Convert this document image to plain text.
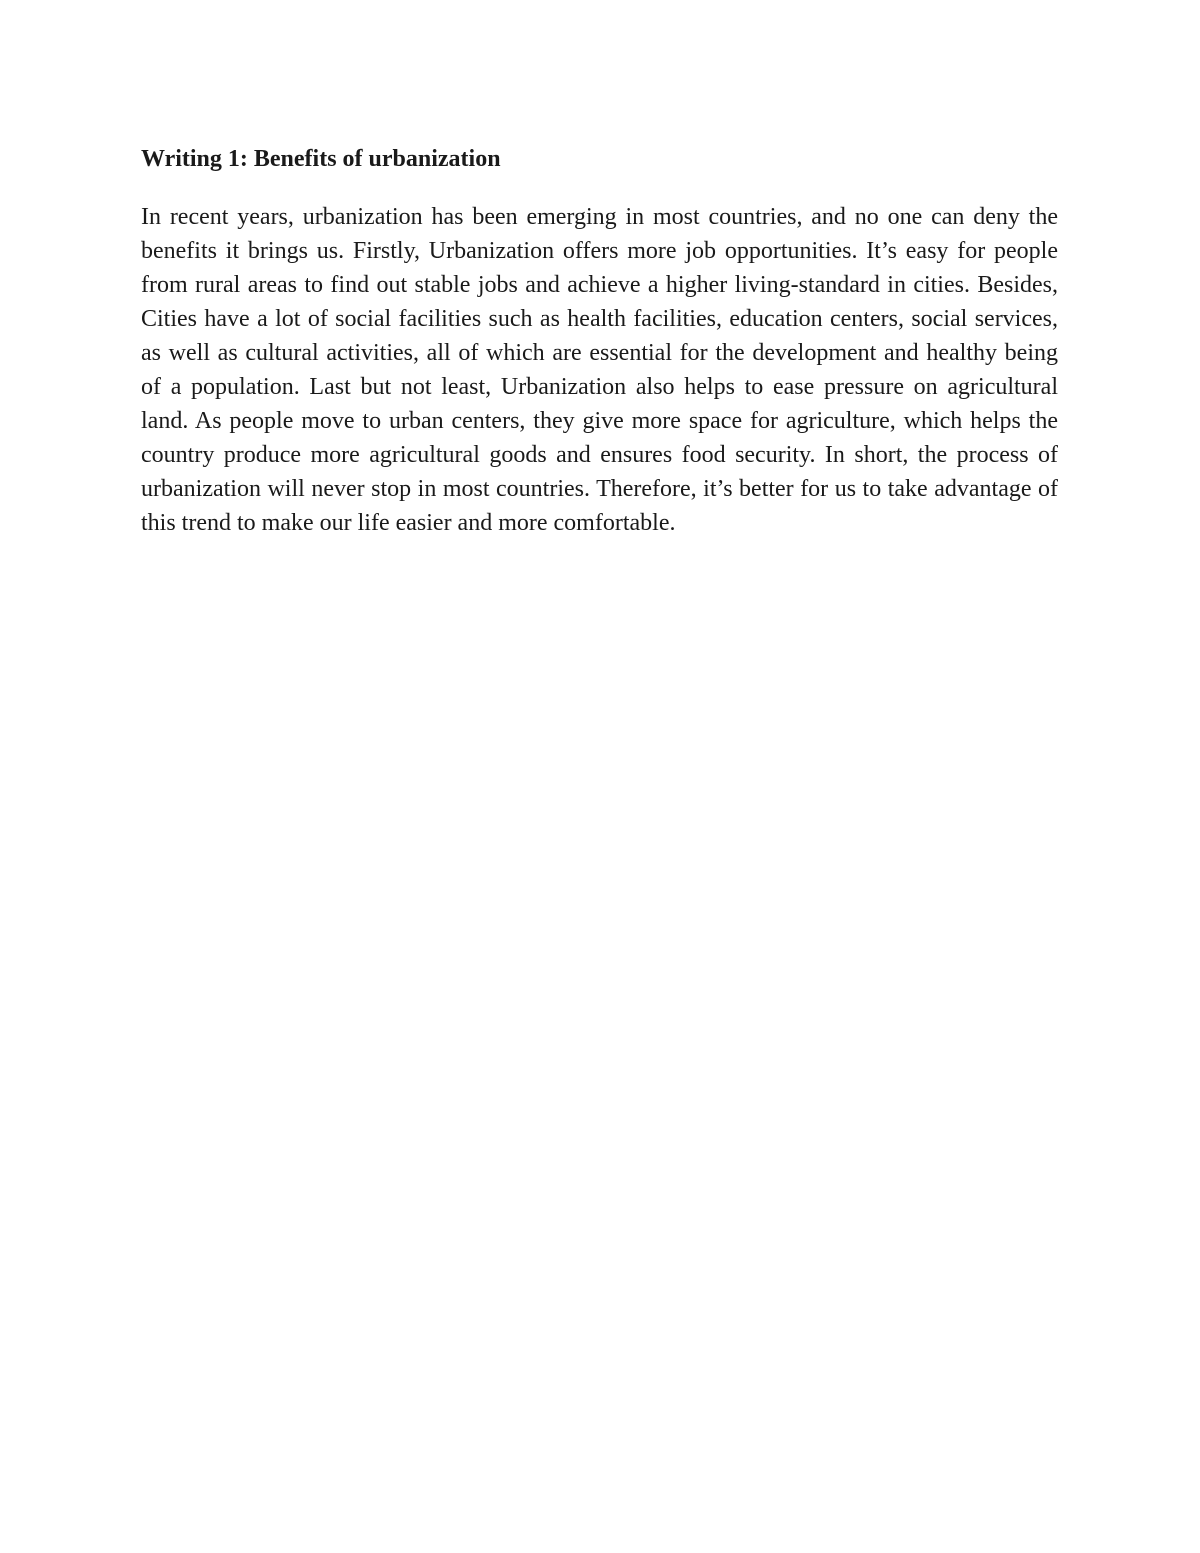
Writing 1: Benefits of urbanization

In recent years, urbanization has been emerging in most countries, and no one can deny the benefits it brings us. Firstly, Urbanization offers more job opportunities. It’s easy for people from rural areas to find out stable jobs and achieve a higher living-standard in cities. Besides, Cities have a lot of social facilities such as health facilities, education centers, social services, as well as cultural activities, all of which are essential for the development and healthy being of a population. Last but not least, Urbanization also helps to ease pressure on agricultural land. As people move to urban centers, they give more space for agriculture, which helps the country produce more agricultural goods and ensures food security. In short, the process of urbanization will never stop in most countries. Therefore, it’s better for us to take advantage of this trend to make our life easier and more comfortable.
